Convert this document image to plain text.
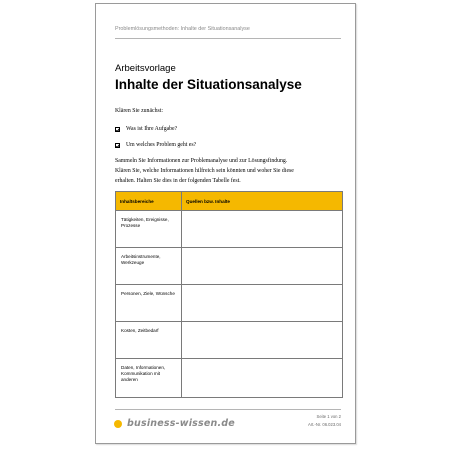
Problemlösungsmethoden: Inhalte der Situationsanalyse
Arbeitsvorlage
Inhalte der Situationsanalyse
Klären Sie zunächst:
Was ist Ihre Aufgabe?
Um welches Problem geht es?
Sammeln Sie Informationen zur Problemanalyse und zur Lösungsfindung.
Klären Sie, welche Informationen hilfreich sein könnten und woher Sie diese
erhalten. Halten Sie dies in der folgenden Tabelle fest.
Inhaltsbereiche	Quellen bzw. Inhalte
Tätigkeiten, Ereignisse, Prozesse	
Arbeitsinstrumente, Werkzeuge	
Personen, Ziele, Wünsche	
Kosten, Zeitbedarf	
Daten, Informationen, Kommunikation mit anderen	
business-wissen.de
Seite 1 von 2
Art.-Nr. 06.023.04
